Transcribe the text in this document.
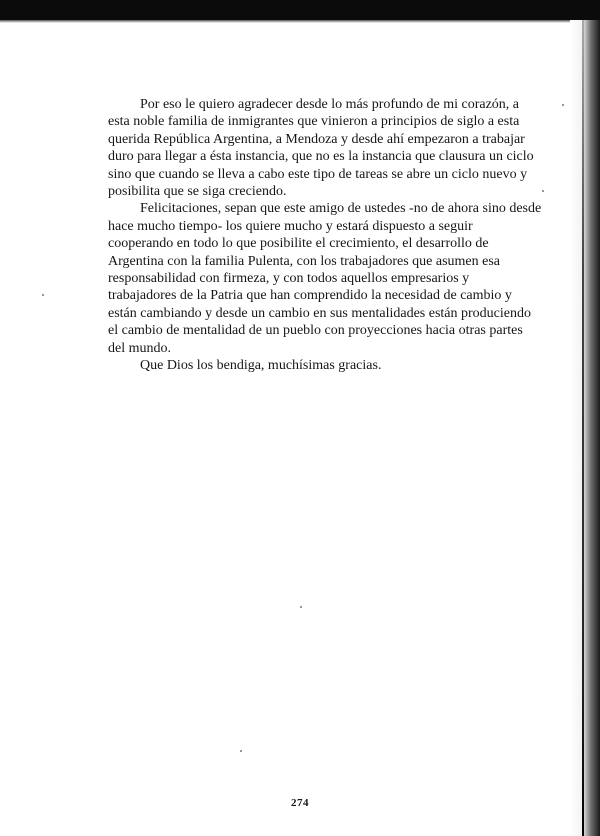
Por eso le quiero agradecer desde lo más profundo de mi corazón, a
esta noble familia de inmigrantes que vinieron a principios de siglo a esta
querida República Argentina, a Mendoza y desde ahí empezaron a trabajar
duro para llegar a ésta instancia, que no es la instancia que clausura un ciclo
sino que cuando se lleva a cabo este tipo de tareas se abre un ciclo nuevo y
posibilita que se siga creciendo.

Felicitaciones, sepan que este amigo de ustedes -no de ahora sino desde
hace mucho tiempo- los quiere mucho y estará dispuesto a seguir
cooperando en todo lo que posibilite el crecimiento, el desarrollo de
Argentina con la familia Pulenta, con los trabajadores que asumen esa
responsabilidad con firmeza, y con todos aquellos empresarios y
trabajadores de la Patria que han comprendido la necesidad de cambio y
están cambiando y desde un cambio en sus mentalidades están produciendo
el cambio de mentalidad de un pueblo con proyecciones hacia otras partes
del mundo.

Que Dios los bendiga, muchísimas gracias.

274
